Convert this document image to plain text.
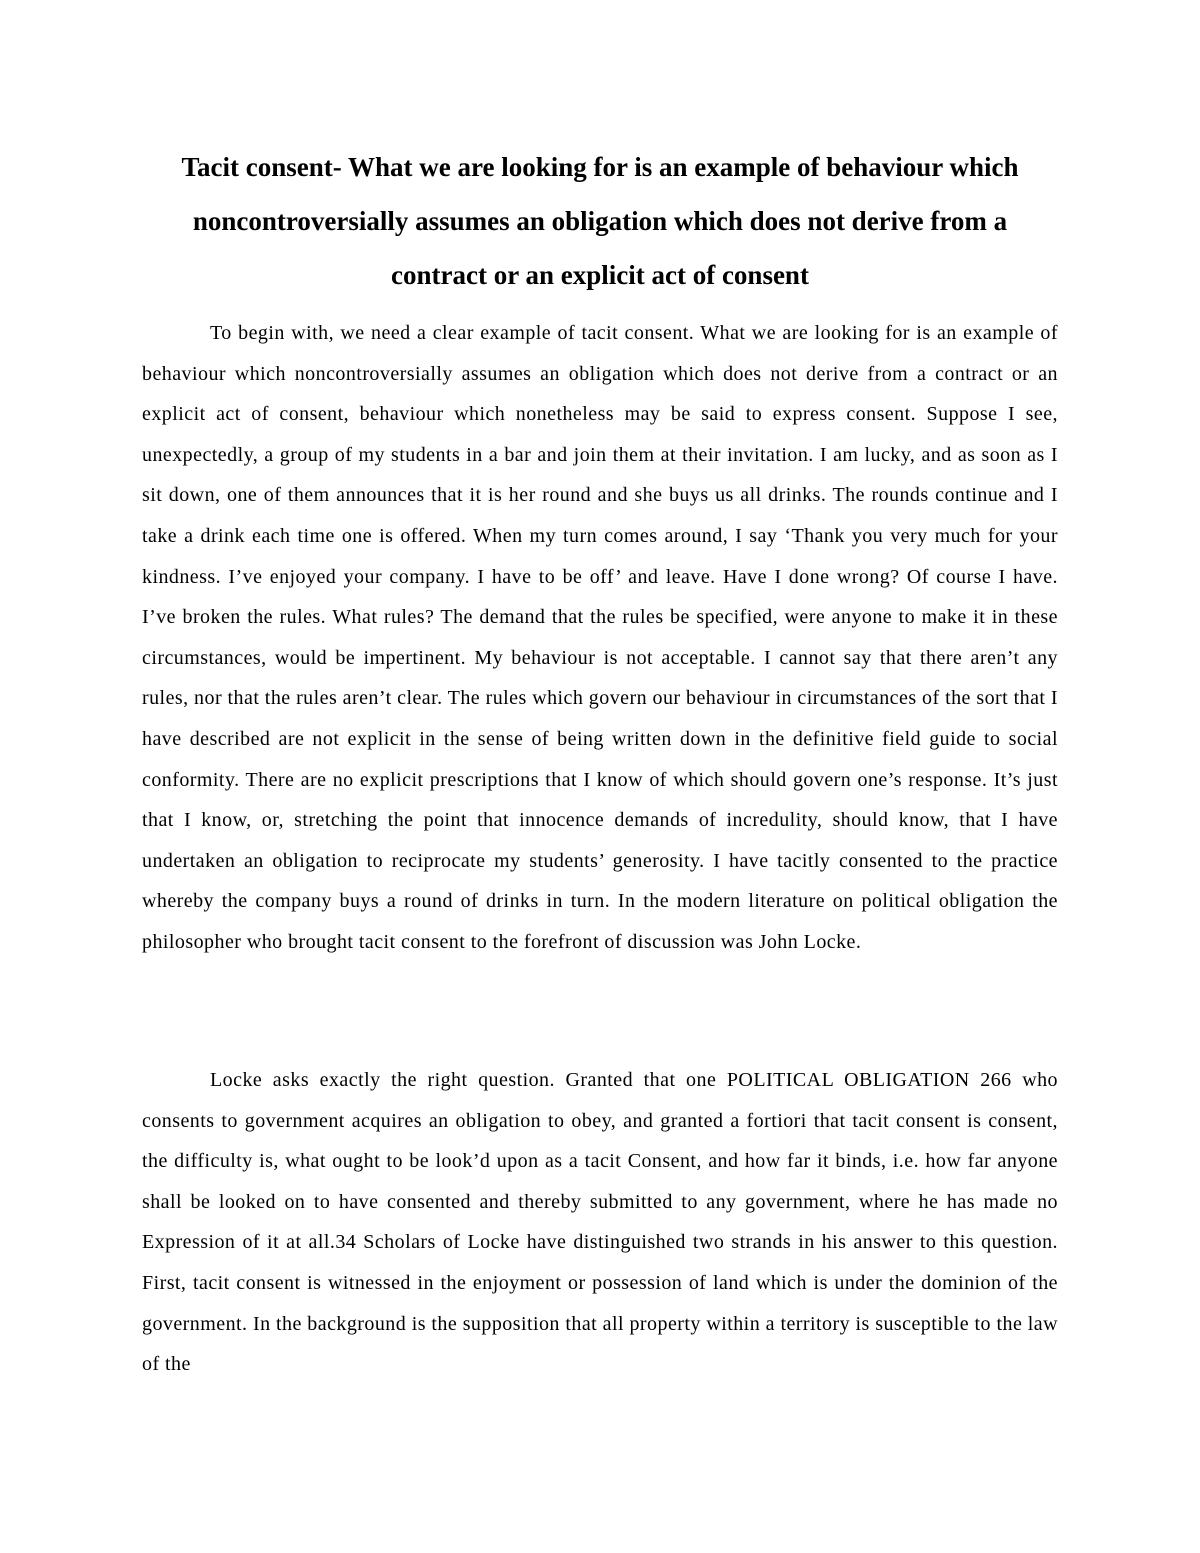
Tacit consent- What we are looking for is an example of behaviour which noncontroversially assumes an obligation which does not derive from a contract or an explicit act of consent

To begin with, we need a clear example of tacit consent. What we are looking for is an example of behaviour which noncontroversially assumes an obligation which does not derive from a contract or an explicit act of consent, behaviour which nonetheless may be said to express consent. Suppose I see, unexpectedly, a group of my students in a bar and join them at their invitation. I am lucky, and as soon as I sit down, one of them announces that it is her round and she buys us all drinks. The rounds continue and I take a drink each time one is offered. When my turn comes around, I say ‘Thank you very much for your kindness. I’ve enjoyed your company. I have to be off’ and leave. Have I done wrong? Of course I have. I’ve broken the rules. What rules? The demand that the rules be specified, were anyone to make it in these circumstances, would be impertinent. My behaviour is not acceptable. I cannot say that there aren’t any rules, nor that the rules aren’t clear. The rules which govern our behaviour in circumstances of the sort that I have described are not explicit in the sense of being written down in the definitive field guide to social conformity. There are no explicit prescriptions that I know of which should govern one’s response. It’s just that I know, or, stretching the point that innocence demands of incredulity, should know, that I have undertaken an obligation to reciprocate my students’ generosity. I have tacitly consented to the practice whereby the company buys a round of drinks in turn. In the modern literature on political obligation the philosopher who brought tacit consent to the forefront of discussion was John Locke.

Locke asks exactly the right question. Granted that one POLITICAL OBLIGATION 266 who consents to government acquires an obligation to obey, and granted a fortiori that tacit consent is consent, the difficulty is, what ought to be look’d upon as a tacit Consent, and how far it binds, i.e. how far anyone shall be looked on to have consented and thereby submitted to any government, where he has made no Expression of it at all.34 Scholars of Locke have distinguished two strands in his answer to this question. First, tacit consent is witnessed in the enjoyment or possession of land which is under the dominion of the government. In the background is the supposition that all property within a territory is susceptible to the law of the
